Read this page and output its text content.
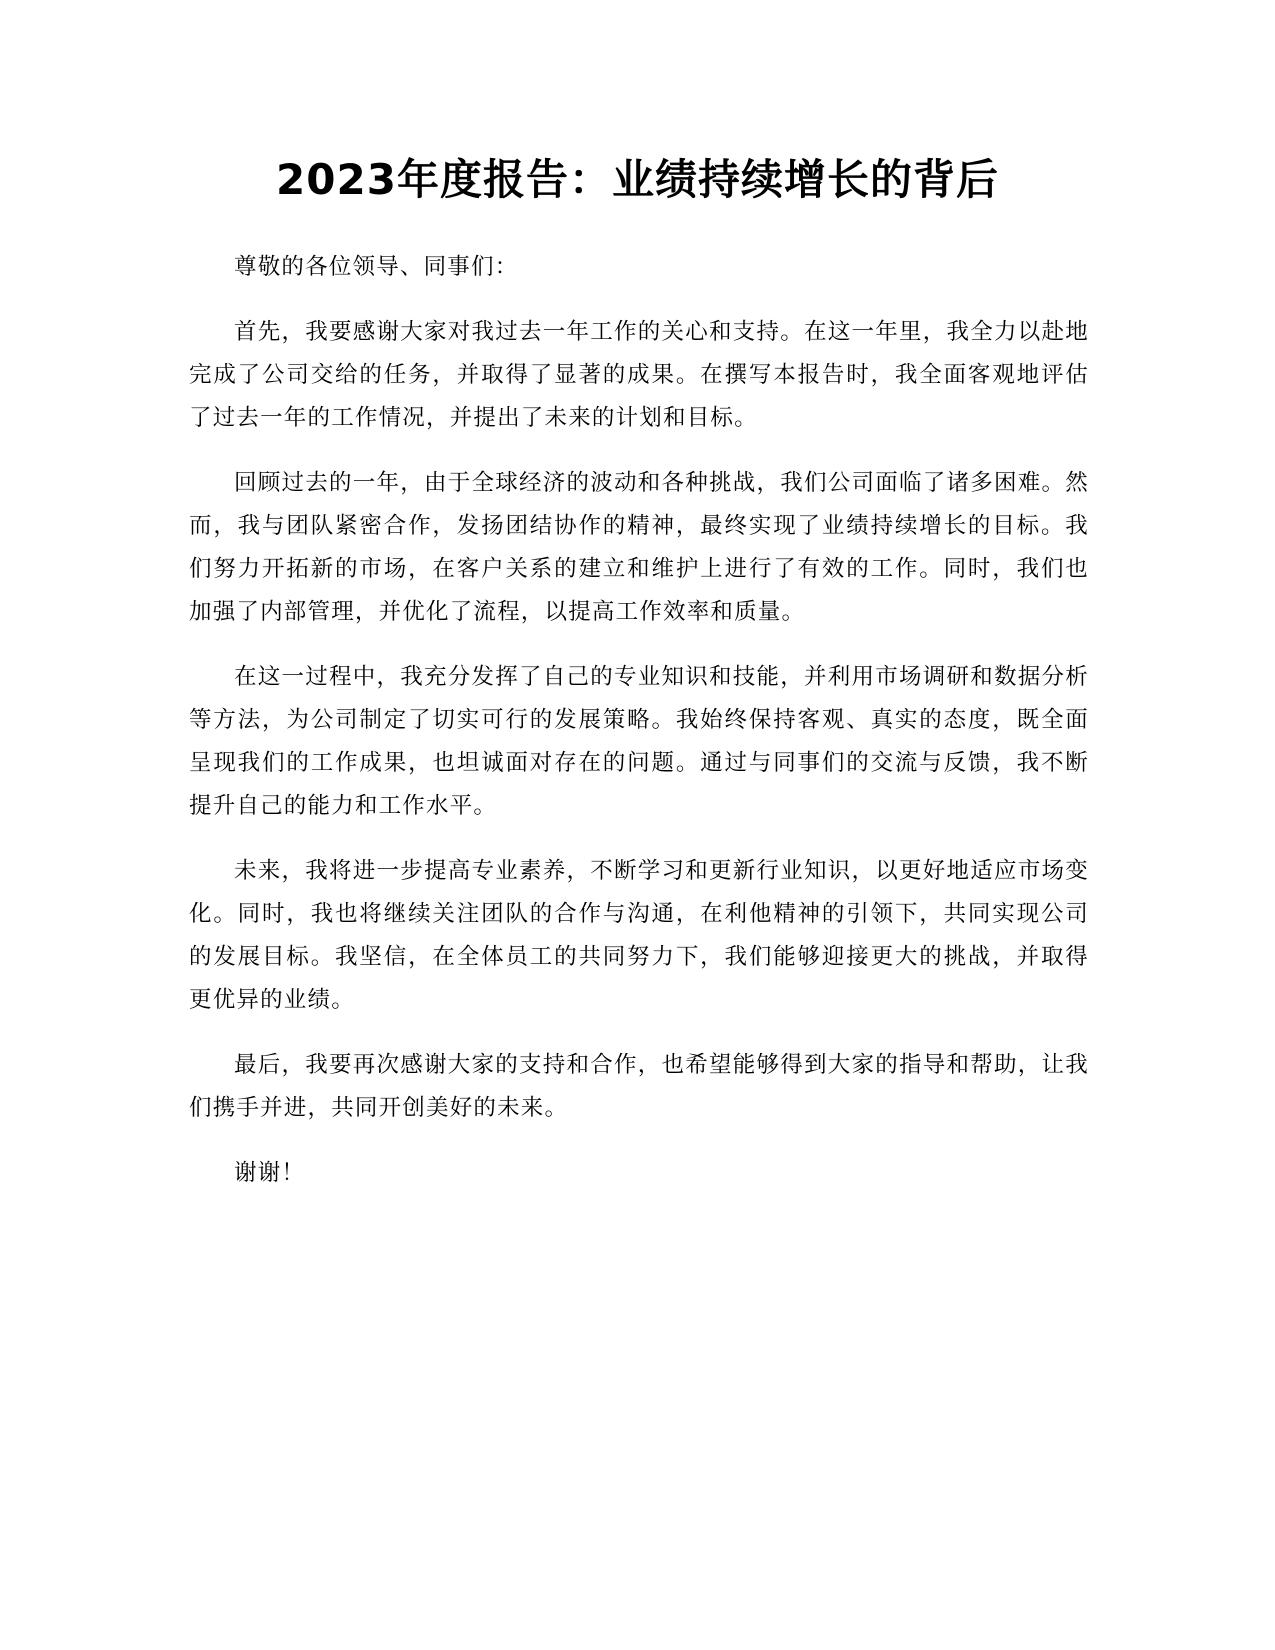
2023年度报告：业绩持续增长的背后

尊敬的各位领导、同事们：

首先，我要感谢大家对我过去一年工作的关心和支持。在这一年里，我全力以赴地完成了公司交给的任务，并取得了显著的成果。在撰写本报告时，我全面客观地评估了过去一年的工作情况，并提出了未来的计划和目标。

回顾过去的一年，由于全球经济的波动和各种挑战，我们公司面临了诸多困难。然而，我与团队紧密合作，发扬团结协作的精神，最终实现了业绩持续增长的目标。我们努力开拓新的市场，在客户关系的建立和维护上进行了有效的工作。同时，我们也加强了内部管理，并优化了流程，以提高工作效率和质量。

在这一过程中，我充分发挥了自己的专业知识和技能，并利用市场调研和数据分析等方法，为公司制定了切实可行的发展策略。我始终保持客观、真实的态度，既全面呈现我们的工作成果，也坦诚面对存在的问题。通过与同事们的交流与反馈，我不断提升自己的能力和工作水平。

未来，我将进一步提高专业素养，不断学习和更新行业知识，以更好地适应市场变化。同时，我也将继续关注团队的合作与沟通，在利他精神的引领下，共同实现公司的发展目标。我坚信，在全体员工的共同努力下，我们能够迎接更大的挑战，并取得更优异的业绩。

最后，我要再次感谢大家的支持和合作，也希望能够得到大家的指导和帮助，让我们携手并进，共同开创美好的未来。

谢谢！
